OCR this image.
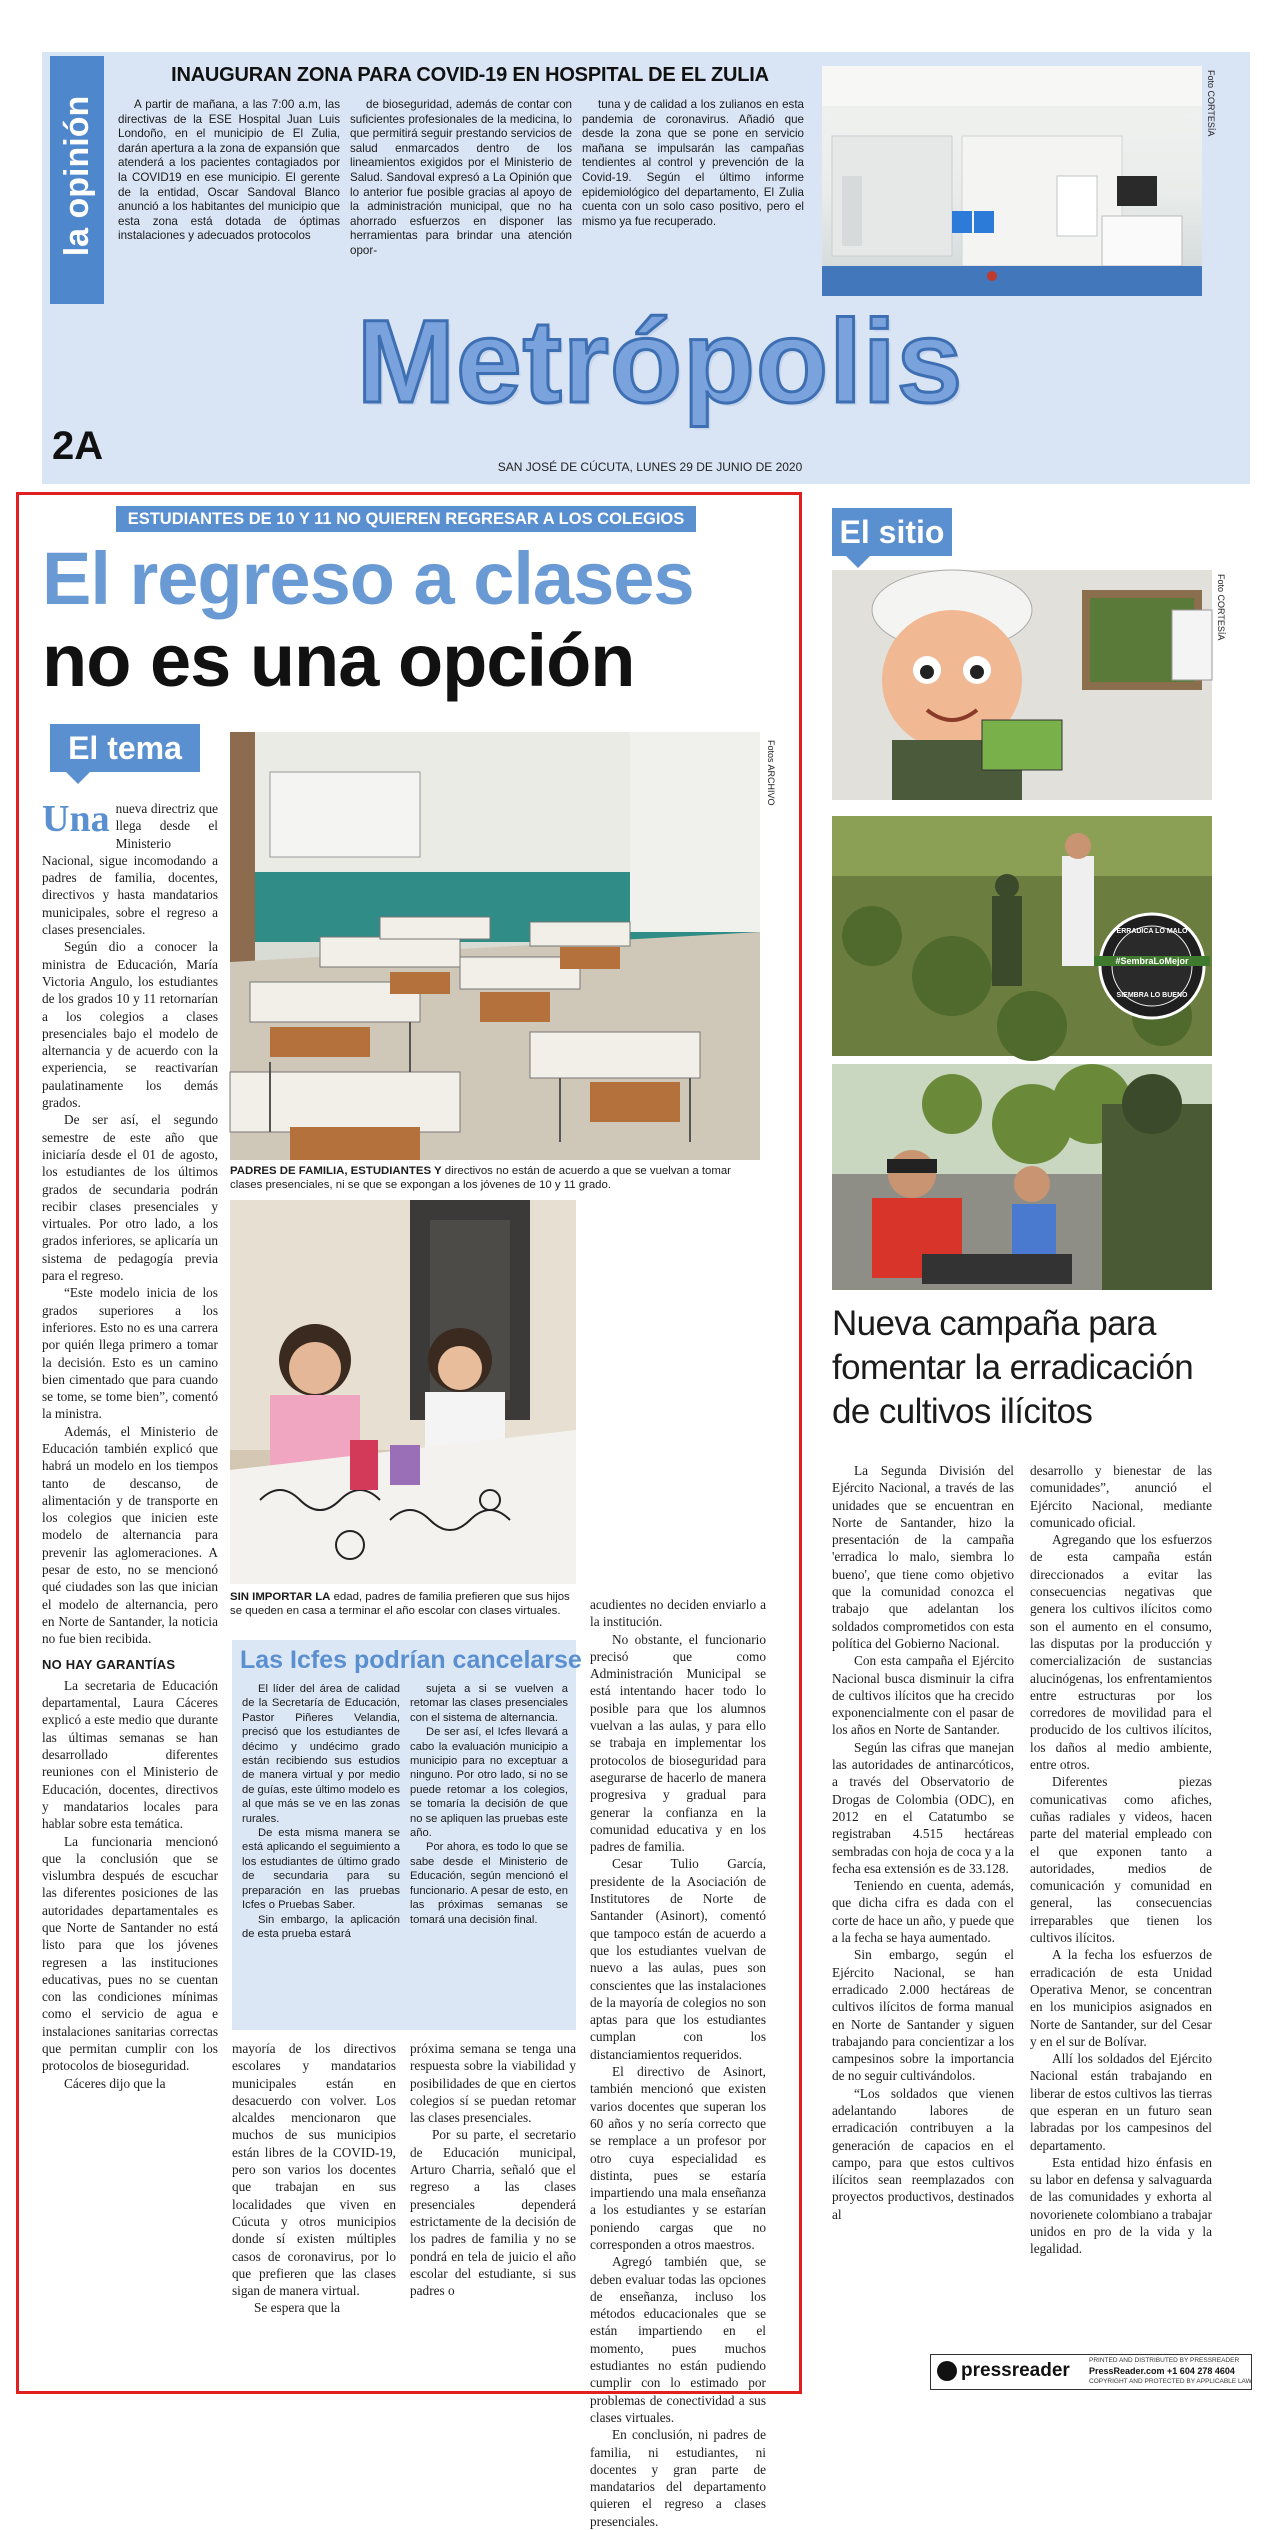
la opinión
INAUGURAN ZONA PARA COVID-19 EN HOSPITAL DE EL ZULIA

A partir de mañana, a las 7:00 a.m, las directivas de la ESE Hospital Juan Luis Londoño, en el municipio de El Zulia, darán apertura a la zona de expansión que atenderá a los pacientes contagiados por la COVID19 en ese municipio. El gerente de la entidad, Oscar Sandoval Blanco anunció a los habitantes del municipio que esta zona está dotada de óptimas instalaciones y adecuados protocolos

de bioseguridad, además de contar con suficientes profesionales de la medicina, lo que permitirá seguir prestando servicios de salud enmarcados dentro de los lineamientos exigidos por el Ministerio de Salud. Sandoval expresó a La Opinión que lo anterior fue posible gracias al apoyo de la administración municipal, que no ha ahorrado esfuerzos en disponer las herramientas para brindar una atención opor-

tuna y de calidad a los zulianos en esta pandemia de coronavirus. Añadió que desde la zona que se pone en servicio mañana se impulsarán las campañas tendientes al control y prevención de la Covid-19. Según el último informe epidemiológico del departamento, El Zulia cuenta con un solo caso positivo, pero el mismo ya fue recuperado.

Foto CORTESÍA
Metrópolis
2A	SAN JOSÉ DE CÚCUTA, LUNES 29 DE JUNIO DE 2020
ESTUDIANTES DE 10 Y 11 NO QUIEREN REGRESAR A LOS COLEGIOS
El regreso a clases
no es una opción
El tema	Fotos ARCHIVO
PADRES DE FAMILIA, ESTUDIANTES Y directivos no están de acuerdo a que se vuelvan a tomar clases presenciales, ni se que se expongan a los jóvenes de 10 y 11 grado.
SIN IMPORTAR LA edad, padres de familia prefieren que sus hijos se queden en casa a terminar el año escolar con clases virtuales.

Una nueva directriz que llega desde el Ministerio Nacional, sigue incomodando a padres de familia, docentes, directivos y hasta mandatarios municipales, sobre el regreso a clases presenciales.

Según dio a conocer la ministra de Educación, María Victoria Angulo, los estudiantes de los grados 10 y 11 retornarían a los colegios a clases presenciales bajo el modelo de alternancia y de acuerdo con la experiencia, se reactivarían paulatinamente los demás grados.

De ser así, el segundo semestre de este año que iniciaría desde el 01 de agosto, los estudiantes de los últimos grados de secundaria podrán recibir clases presenciales y virtuales. Por otro lado, a los grados inferiores, se aplicaría un sistema de pedagogía previa para el regreso.

“Este modelo inicia de los grados superiores a los inferiores. Esto no es una carrera por quién llega primero a tomar la decisión. Esto es un camino bien cimentado que para cuando se tome, se tome bien”, comentó la ministra.

Además, el Ministerio de Educación también explicó que habrá un modelo en los tiempos tanto de descanso, de alimentación y de transporte en los colegios que inicien este modelo de alternancia para prevenir las aglomeraciones. A pesar de esto, no se mencionó qué ciudades son las que inician el modelo de alternancia, pero en Norte de Santander, la noticia no fue bien recibida.

NO HAY GARANTÍAS

La secretaria de Educación departamental, Laura Cáceres explicó a este medio que durante las últimas semanas se han desarrollado diferentes reuniones con el Ministerio de Educación, docentes, directivos y mandatarios locales para hablar sobre esta temática.

La funcionaria mencionó que la conclusión que se vislumbra después de escuchar las diferentes posiciones de las autoridades departamentales es que Norte de Santander no está listo para que los jóvenes regresen a las instituciones educativas, pues no se cuentan con las condiciones mínimas como el servicio de agua e instalaciones sanitarias correctas que permitan cumplir con los protocolos de bioseguridad.

Cáceres dijo que la

Las Icfes podrían cancelarse

El líder del área de calidad de la Secretaría de Educación, Pastor Piñeres Velandia, precisó que los estudiantes de décimo y undécimo grado están recibiendo sus estudios de manera virtual y por medio de guías, este último modelo es al que más se ve en las zonas rurales.

De esta misma manera se está aplicando el seguimiento a los estudiantes de último grado de secundaria para su preparación en las pruebas Icfes o Pruebas Saber.

Sin embargo, la aplicación de esta prueba estará

sujeta a si se vuelven a retomar las clases presenciales con el sistema de alternancia.

De ser así, el Icfes llevará a cabo la evaluación municipio a municipio para no exceptuar a ninguno. Por otro lado, si no se puede retomar a los colegios, se tomaría la decisión de que no se apliquen las pruebas este año.

Por ahora, es todo lo que se sabe desde el Ministerio de Educación, según mencionó el funcionario. A pesar de esto, en las próximas semanas se tomará una decisión final.

mayoría de los directivos escolares y mandatarios municipales están en desacuerdo con volver. Los alcaldes mencionaron que muchos de sus municipios están libres de la COVID-19, pero son varios los docentes que trabajan en sus localidades que viven en Cúcuta y otros municipios donde sí existen múltiples casos de coronavirus, por lo que prefieren que las clases sigan de manera virtual.

Se espera que la

próxima semana se tenga una respuesta sobre la viabilidad y posibilidades de que en ciertos colegios sí se puedan retomar las clases presenciales.

Por su parte, el secretario de Educación municipal, Arturo Charria, señaló que el regreso a las clases presenciales dependerá estrictamente de la decisión de los padres de familia y no se pondrá en tela de juicio el año escolar del estudiante, si sus padres o

acudientes no deciden enviarlo a la institución.

No obstante, el funcionario precisó que como Administración Municipal se está intentando hacer todo lo posible para que los alumnos vuelvan a las aulas, y para ello se trabaja en implementar los protocolos de bioseguridad para asegurarse de hacerlo de manera progresiva y gradual para generar la confianza en la comunidad educativa y en los padres de familia.

Cesar Tulio García, presidente de la Asociación de Institutores de Norte de Santander (Asinort), comentó que tampoco están de acuerdo a que los estudiantes vuelvan de nuevo a las aulas, pues son conscientes que las instalaciones de la mayoría de colegios no son aptas para que los estudiantes cumplan con los distanciamientos requeridos.

El directivo de Asinort, también mencionó que existen varios docentes que superan los 60 años y no sería correcto que se remplace a un profesor por otro cuya especialidad es distinta, pues se estaría impartiendo una mala enseñanza a los estudiantes y se estarían poniendo cargas que no corresponden a otros maestros.

Agregó también que, se deben evaluar todas las opciones de enseñanza, incluso los métodos educacionales que se están impartiendo en el momento, pues muchos estudiantes no están pudiendo cumplir con lo estimado por problemas de conectividad a sus clases virtuales.

En conclusión, ni padres de familia, ni estudiantes, ni docentes y gran parte de mandatarios del departamento quieren el regreso a clases presenciales.

El sitio
Foto CORTESÍA
ERRADICA LO MALO
#SembraLoMejor
SIEMBRA LO BUENO
Nueva campaña para fomentar la erradicación de cultivos ilícitos

La Segunda División del Ejército Nacional, a través de las unidades que se encuentran en Norte de Santander, hizo la presentación de la campaña 'erradica lo malo, siembra lo bueno', que tiene como objetivo que la comunidad conozca el trabajo que adelantan los soldados comprometidos con esta política del Gobierno Nacional.

Con esta campaña el Ejército Nacional busca disminuir la cifra de cultivos ilícitos que ha crecido exponencialmente con el pasar de los años en Norte de Santander.

Según las cifras que manejan las autoridades de antinarcóticos, a través del Observatorio de Drogas de Colombia (ODC), en 2012 en el Catatumbo se registraban 4.515 hectáreas sembradas con hoja de coca y a la fecha esa extensión es de 33.128.

Teniendo en cuenta, además, que dicha cifra es dada con el corte de hace un año, y puede que a la fecha se haya aumentado.

Sin embargo, según el Ejército Nacional, se han erradicado 2.000 hectáreas de cultivos ilícitos de forma manual en Norte de Santander y siguen trabajando para concientizar a los campesinos sobre la importancia de no seguir cultivándolos.

“Los soldados que vienen adelantando labores de erradicación contribuyen a la generación de capacios en el campo, para que estos cultivos ilícitos sean reemplazados con proyectos productivos, destinados al

desarrollo y bienestar de las comunidades”, anunció el Ejército Nacional, mediante comunicado oficial.

Agregando que los esfuerzos de esta campaña están direccionados a evitar las consecuencias negativas que genera los cultivos ilícitos como son el aumento en el consumo, las disputas por la producción y comercialización de sustancias alucinógenas, los enfrentamientos entre estructuras por los corredores de movilidad para el producido de los cultivos ilícitos, los daños al medio ambiente, entre otros.

Diferentes piezas comunicativas como afiches, cuñas radiales y videos, hacen parte del material empleado con el que exponen tanto a autoridades, medios de comunicación y comunidad en general, las consecuencias irreparables que tienen los cultivos ilícitos.

A la fecha los esfuerzos de erradicación de esta Unidad Operativa Menor, se concentran en los municipios asignados en Norte de Santander, sur del Cesar y en el sur de Bolívar.

Allí los soldados del Ejército Nacional están trabajando en liberar de estos cultivos las tierras que esperan en un futuro sean labradas por los campesinos del departamento.

Esta entidad hizo énfasis en su labor en defensa y salvaguarda de las comunidades y exhorta al novorienete colombiano a trabajar unidos en pro de la vida y la legalidad.

pressreader	PRINTED AND DISTRIBUTED BY PRESSREADER
PressReader.com +1 604 278 4604
COPYRIGHT AND PROTECTED BY APPLICABLE LAW
